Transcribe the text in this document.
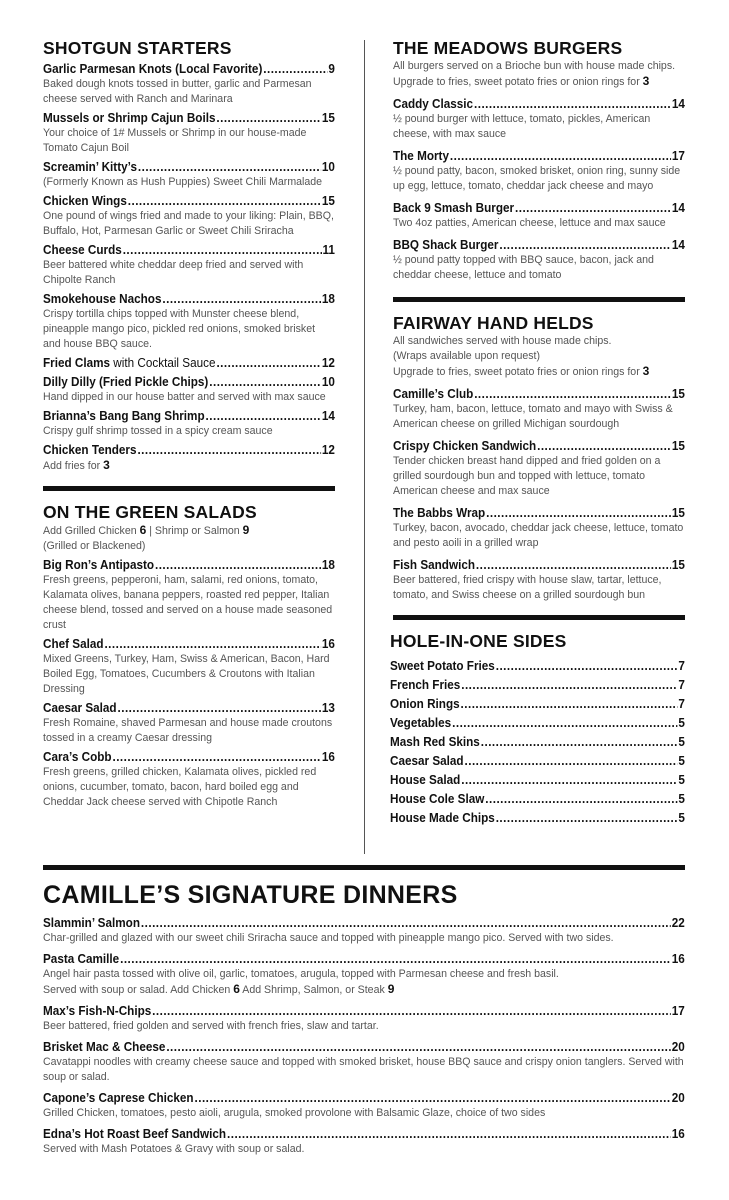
SHOTGUN STARTERS
Garlic Parmesan Knots (Local Favorite) .....	9
Baked dough knots tossed in butter, garlic and Parmesan cheese served with Ranch and Marinara
Mussels or Shrimp Cajun Boils .....	15
Your choice of 1# Mussels or Shrimp in our house-made Tomato Cajun Boil
Screamin’ Kitty’s .....	10
(Formerly Known as Hush Puppies) Sweet Chili Marmalade
Chicken Wings .....	15
One pound of wings fried and made to your liking: Plain, BBQ, Buffalo, Hot, Parmesan Garlic or Sweet Chili Sriracha
Cheese Curds .....	11
Beer battered white cheddar deep fried and served with Chipolte Ranch
Smokehouse Nachos .....	18
Crispy tortilla chips topped with Munster cheese blend, pineapple mango pico, pickled red onions, smoked brisket and house BBQ sauce.
Fried Clams with Cocktail Sauce .....	12
Dilly Dilly (Fried Pickle Chips) .....	10
Hand dipped in our house batter and served with max sauce
Brianna’s Bang Bang Shrimp .....	14
Crispy gulf shrimp tossed in a spicy cream sauce
Chicken Tenders .....	12
Add fries for 3
ON THE GREEN SALADS
Add Grilled Chicken 6 | Shrimp or Salmon 9
(Grilled or Blackened)
Big Ron’s Antipasto .....	18
Fresh greens, pepperoni, ham, salami, red onions, tomato, Kalamata olives, banana peppers, roasted red pepper, Italian cheese blend, tossed and served on a house made seasoned crust
Chef Salad .....	16
Mixed Greens, Turkey, Ham, Swiss & American, Bacon, Hard Boiled Egg, Tomatoes, Cucumbers & Croutons with Italian Dressing
Caesar Salad .....	13
Fresh Romaine, shaved Parmesan and house made croutons tossed in a creamy Caesar dressing
Cara’s Cobb .....	16
Fresh greens, grilled chicken, Kalamata olives, pickled red onions, cucumber, tomato, bacon, hard boiled egg and Cheddar Jack cheese served with Chipotle Ranch
THE MEADOWS BURGERS
All burgers served on a Brioche bun with house made chips.
Upgrade to fries, sweet potato fries or onion rings for 3
Caddy Classic .....	14
½ pound burger with lettuce, tomato, pickles, American cheese, with max sauce
The Morty .....	17
½ pound patty, bacon, smoked brisket, onion ring, sunny side up egg, lettuce, tomato, cheddar jack cheese and mayo
Back 9 Smash Burger .....	14
Two 4oz patties, American cheese, lettuce and max sauce
BBQ Shack Burger .....	14
½ pound patty topped with BBQ sauce, bacon, jack and cheddar cheese, lettuce and tomato
FAIRWAY HAND HELDS
All sandwiches served with house made chips.
(Wraps available upon request)
Upgrade to fries, sweet potato fries or onion rings for 3
Camille’s Club .....	15
Turkey, ham, bacon, lettuce, tomato and mayo with Swiss & American cheese on grilled Michigan sourdough
Crispy Chicken Sandwich .....	15
Tender chicken breast hand dipped and fried golden on a grilled sourdough bun and topped with lettuce, tomato American cheese and max sauce
The Babbs Wrap .....	15
Turkey, bacon, avocado, cheddar jack cheese, lettuce, tomato and pesto aoili in a grilled wrap
Fish Sandwich .....	15
Beer battered, fried crispy with house slaw, tartar, lettuce, tomato, and Swiss cheese on a grilled sourdough bun
HOLE-IN-ONE SIDES
Sweet Potato Fries .....	7
French Fries .....	7
Onion Rings .....	7
Vegetables .....	5
Mash Red Skins .....	5
Caesar Salad .....	5
House Salad .....	5
House Cole Slaw .....	5
House Made Chips .....	5
CAMILLE’S SIGNATURE DINNERS
Slammin’ Salmon .....	22
Char-grilled and glazed with our sweet chili Sriracha sauce and topped with pineapple mango pico. Served with two sides.
Pasta Camille .....	16
Angel hair pasta tossed with olive oil, garlic, tomatoes, arugula, topped with Parmesan cheese and fresh basil.
Served with soup or salad. Add Chicken 6 Add Shrimp, Salmon, or Steak 9
Max’s Fish-N-Chips .....	17
Beer battered, fried golden and served with french fries, slaw and tartar.
Brisket Mac & Cheese .....	20
Cavatappi noodles with creamy cheese sauce and topped with smoked brisket, house BBQ sauce and crispy onion tanglers. Served with soup or salad.
Capone’s Caprese Chicken .....	20
Grilled Chicken, tomatoes, pesto aioli, arugula, smoked provolone with Balsamic Glaze, choice of two sides
Edna’s Hot Roast Beef Sandwich .....	16
Served with Mash Potatoes & Gravy with soup or salad.
